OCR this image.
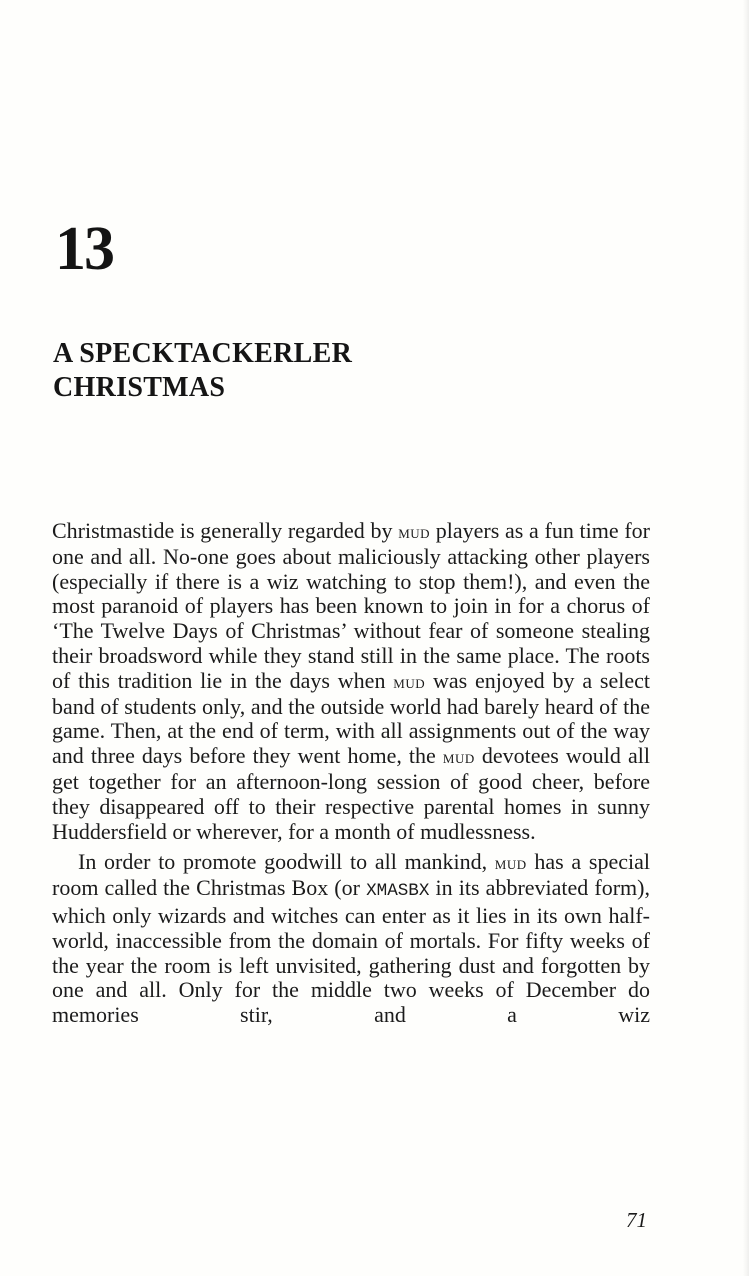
13
A SPECKTACKERLER
CHRISTMAS

Christmastide is generally regarded by mud players as a fun time for one and all. No-one goes about maliciously attacking other players (especially if there is a wiz watching to stop them!), and even the most paranoid of players has been known to join in for a chorus of ‘The Twelve Days of Christmas’ without fear of someone stealing their broadsword while they stand still in the same place. The roots of this tradition lie in the days when mud was enjoyed by a select band of students only, and the outside world had barely heard of the game. Then, at the end of term, with all assignments out of the way and three days before they went home, the mud devotees would all get together for an afternoon-long session of good cheer, before they disappeared off to their respective parental homes in sunny Huddersfield or wherever, for a month of mudlessness.

In order to promote goodwill to all mankind, mud has a special room called the Christmas Box (or XMASBX in its abbreviated form), which only wizards and witches can enter as it lies in its own half-world, inaccessible from the domain of mortals. For fifty weeks of the year the room is left unvisited, gathering dust and forgotten by one and all. Only for the middle two weeks of December do memories stir, and a wiz

71
